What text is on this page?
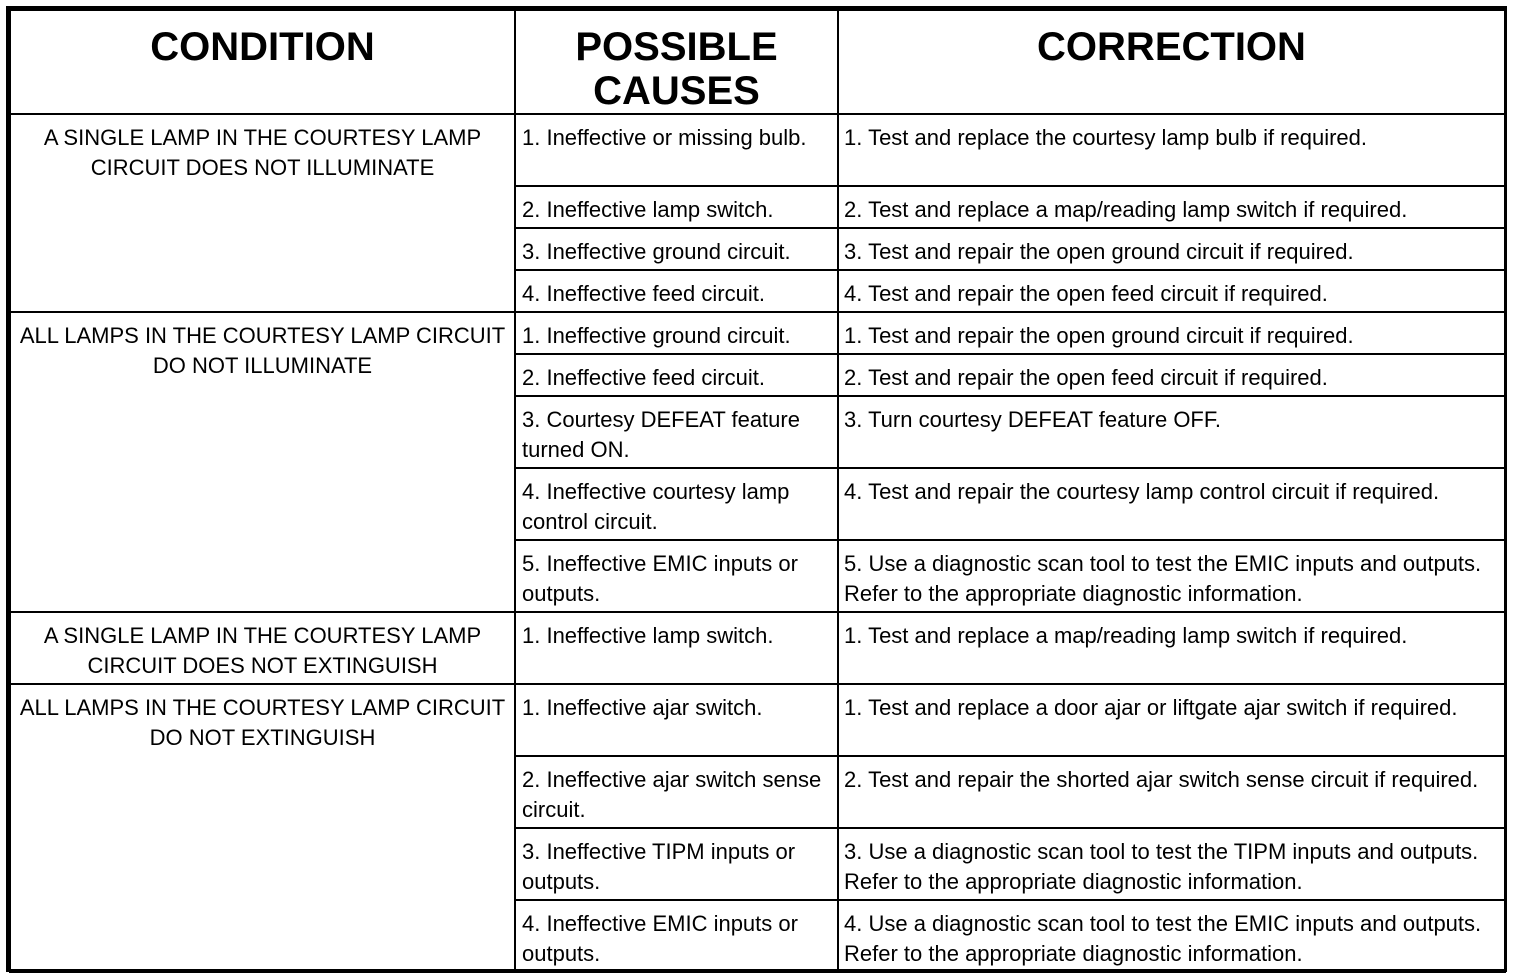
CONDITION	POSSIBLE CAUSES	CORRECTION
A SINGLE LAMP IN THE COURTESY LAMP CIRCUIT DOES NOT ILLUMINATE	1. Ineffective or missing bulb.	1. Test and replace the courtesy lamp bulb if required.
	2. Ineffective lamp switch.	2. Test and replace a map/reading lamp switch if required.
	3. Ineffective ground circuit.	3. Test and repair the open ground circuit if required.
	4. Ineffective feed circuit.	4. Test and repair the open feed circuit if required.
ALL LAMPS IN THE COURTESY LAMP CIRCUIT DO NOT ILLUMINATE	1. Ineffective ground circuit.	1. Test and repair the open ground circuit if required.
	2. Ineffective feed circuit.	2. Test and repair the open feed circuit if required.
	3. Courtesy DEFEAT feature turned ON.	3. Turn courtesy DEFEAT feature OFF.
	4. Ineffective courtesy lamp control circuit.	4. Test and repair the courtesy lamp control circuit if required.
	5. Ineffective EMIC inputs or outputs.	5. Use a diagnostic scan tool to test the EMIC inputs and outputs. Refer to the appropriate diagnostic information.
A SINGLE LAMP IN THE COURTESY LAMP CIRCUIT DOES NOT EXTINGUISH	1. Ineffective lamp switch.	1. Test and replace a map/reading lamp switch if required.
ALL LAMPS IN THE COURTESY LAMP CIRCUIT DO NOT EXTINGUISH	1. Ineffective ajar switch.	1. Test and replace a door ajar or liftgate ajar switch if required.
	2. Ineffective ajar switch sense circuit.	2. Test and repair the shorted ajar switch sense circuit if required.
	3. Ineffective TIPM inputs or outputs.	3. Use a diagnostic scan tool to test the TIPM inputs and outputs. Refer to the appropriate diagnostic information.
	4. Ineffective EMIC inputs or outputs.	4. Use a diagnostic scan tool to test the EMIC inputs and outputs. Refer to the appropriate diagnostic information.
